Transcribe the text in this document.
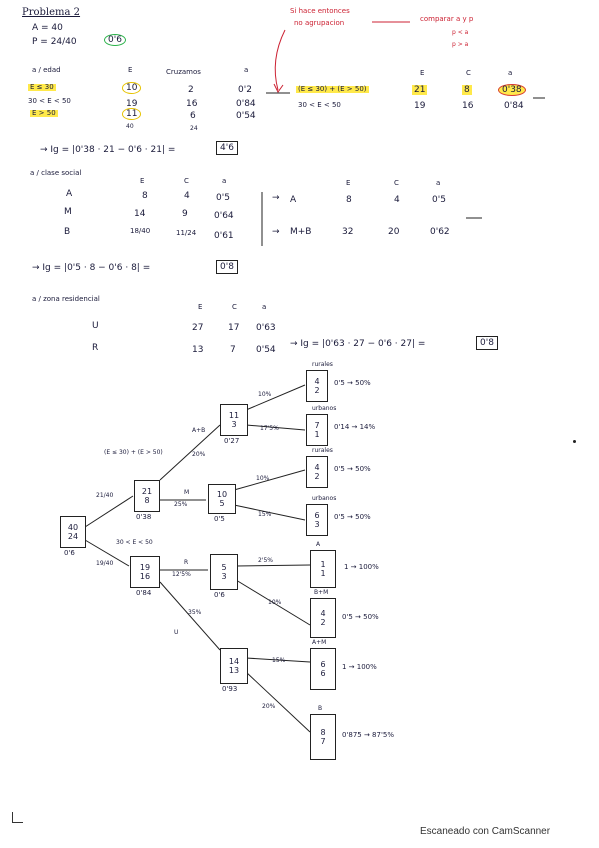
Problema 2
A = 40
P = 24/40	0'6
Si hace entonces
no agrupacion	comparar a y p
p < a
p > a
a / edad	E	Cruzamos	a
E ≤ 30	10	2	0'2
30 < E < 50	19	16	0'84
E > 50	11	6	0'54
40	24
E	C	a
(E ≤ 30) + (E > 50)	21	8	0'38
30 < E < 50	19	16	0'84
→ Ig = |0'38 · 21 − 0'6 · 21| =	4'6
a / clase social
E	C	a
A	8	4	0'5
M	14	9	0'64
B	18/40	11/24 0'61
→
→
E	C	a
A	8	4	0'5
M+B	32	20	0'62
→ Ig = |0'5 · 8 − 0'6 · 8| =	0'8
a / zona residencial
E	C	a
U	27	17 0'63
R	13	7 0'54
→ Ig = |0'63 · 27 − 0'6 · 27| =	0'8
40
24
0'6
21/40
19/40
(E ≤ 30) + (E > 50)
21
8
0'38
30 < E < 50
19
16
0'84
A+B
20%
11
3
0'27
M
25%
10
5
0'5
R
12'5%
5
3
0'6
U
35%
14
13
0'93
10%
rurales
4
2
0'5 → 50%
17'5%
urbanos
7
1
0'14 → 14%
10%
rurales
4
2
0'5 → 50%
15%
urbanos
6
3
0'5 → 50%
2'5%
A
1
1
1 → 100%
10%
B+M
4
2
0'5 → 50%
15%
A+M
6
6
1 → 100%
20%	B
8
7
0'875 → 87'5%
Escaneado con CamScanner
